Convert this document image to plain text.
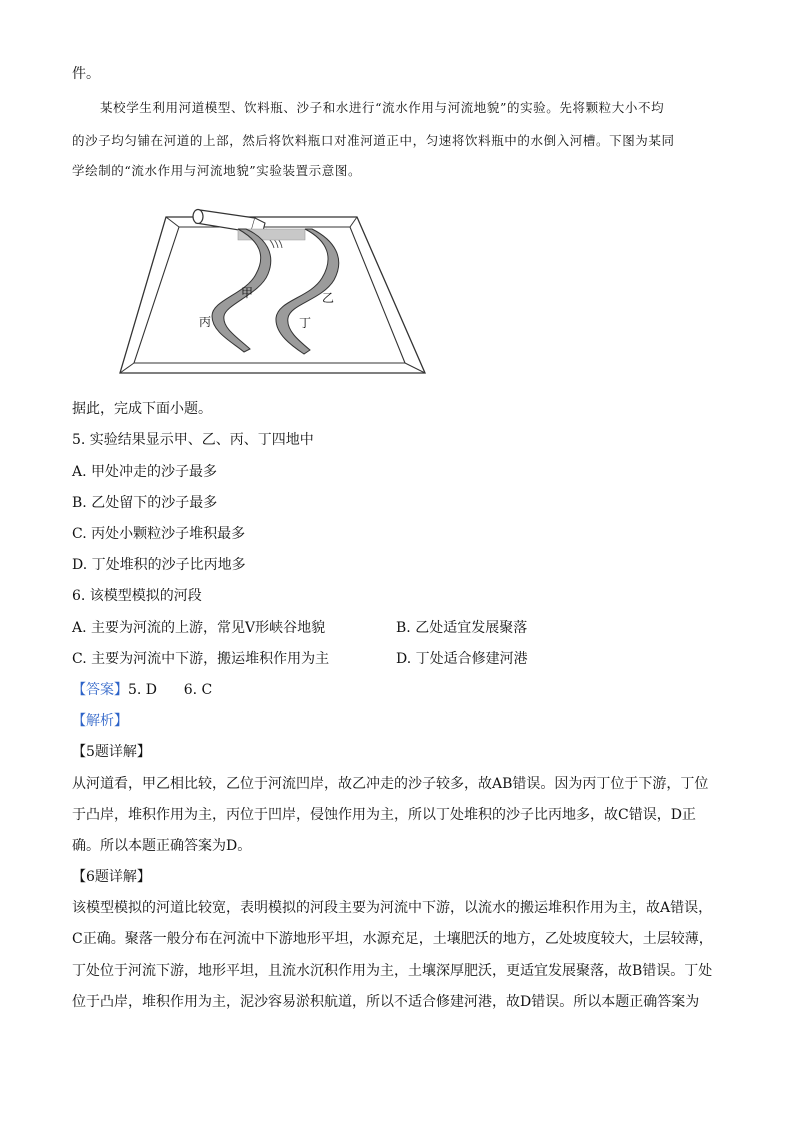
件。
某校学生利用河道模型、饮料瓶、沙子和水进行“流水作用与河流地貌”的实验。先将颗粒大小不均
的沙子均匀铺在河道的上部，然后将饮料瓶口对准河道正中，匀速将饮料瓶中的水倒入河槽。下图为某同
学绘制的“流水作用与河流地貌”实验装置示意图。
甲	乙
丙	丁
据此，完成下面小题。
5. 实验结果显示甲、乙、丙、丁四地中
A. 甲处冲走的沙子最多
B. 乙处留下的沙子最多
C. 丙处小颗粒沙子堆积最多
D. 丁处堆积的沙子比丙地多
6. 该模型模拟的河段
A. 主要为河流的上游，常见V形峡谷地貌	B. 乙处适宜发展聚落
C. 主要为河流中下游，搬运堆积作用为主	D. 丁处适合修建河港
【答案】5. D      6. C
【解析】
【5题详解】
从河道看，甲乙相比较，乙位于河流凹岸，故乙冲走的沙子较多，故AB错误。因为丙丁位于下游，丁位
于凸岸，堆积作用为主，丙位于凹岸，侵蚀作用为主，所以丁处堆积的沙子比丙地多，故C错误，D正
确。所以本题正确答案为D。
【6题详解】
该模型模拟的河道比较宽，表明模拟的河段主要为河流中下游，以流水的搬运堆积作用为主，故A错误，
C正确。聚落一般分布在河流中下游地形平坦，水源充足，土壤肥沃的地方，乙处坡度较大，土层较薄，
丁处位于河流下游，地形平坦，且流水沉积作用为主，土壤深厚肥沃，更适宜发展聚落，故B错误。丁处
位于凸岸，堆积作用为主，泥沙容易淤积航道，所以不适合修建河港，故D错误。所以本题正确答案为
